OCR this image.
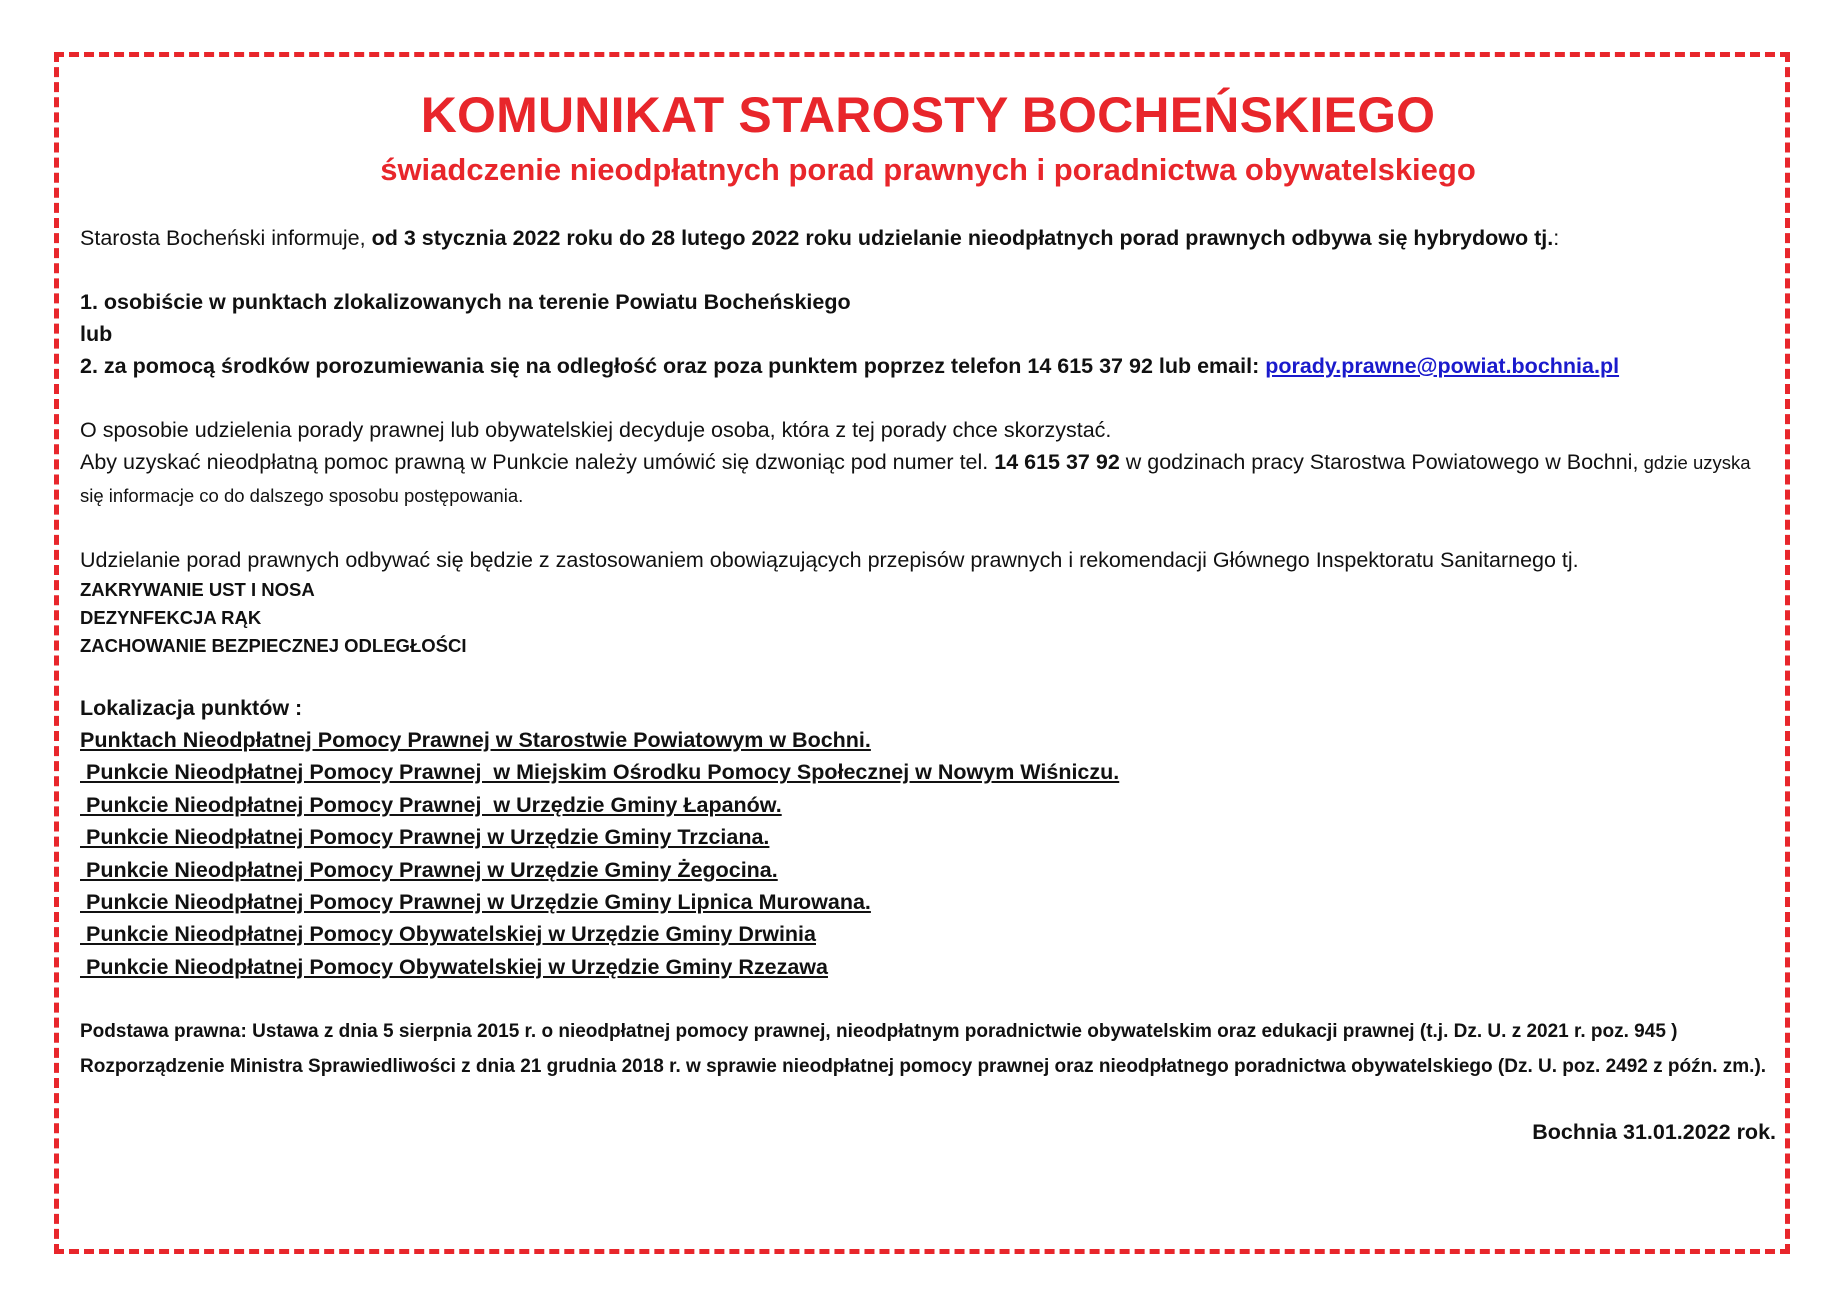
KOMUNIKAT STAROSTY BOCHEŃSKIEGO
świadczenie nieodpłatnych porad prawnych i poradnictwa obywatelskiego

Starosta Bocheński informuje, od 3 stycznia 2022 roku do 28 lutego 2022 roku udzielanie nieodpłatnych porad prawnych odbywa się hybrydowo tj.:

1. osobiście w punktach zlokalizowanych na terenie Powiatu Bocheńskiego

lub

2. za pomocą środków porozumiewania się na odległość oraz poza punktem poprzez telefon 14 615 37 92 lub email: porady.prawne@powiat.bochnia.pl

O sposobie udzielenia porady prawnej lub obywatelskiej decyduje osoba, która z tej porady chce skorzystać.

Aby uzyskać nieodpłatną pomoc prawną w Punkcie należy umówić się dzwoniąc pod numer tel. 14 615 37 92 w godzinach pracy Starostwa Powiatowego w Bochni, gdzie uzyska się informacje co do dalszego sposobu postępowania.

Udzielanie porad prawnych odbywać się będzie z zastosowaniem obowiązujących przepisów prawnych i rekomendacji Głównego Inspektoratu Sanitarnego tj.

ZAKRYWANIE UST I NOSA

DEZYNFEKCJA RĄK

ZACHOWANIE BEZPIECZNEJ ODLEGŁOŚCI

Lokalizacja punktów :

Punktach Nieodpłatnej Pomocy Prawnej w Starostwie Powiatowym w Bochni.

Punkcie Nieodpłatnej Pomocy Prawnej  w Miejskim Ośrodku Pomocy Społecznej w Nowym Wiśniczu.

Punkcie Nieodpłatnej Pomocy Prawnej  w Urzędzie Gminy Łapanów.

Punkcie Nieodpłatnej Pomocy Prawnej w Urzędzie Gminy Trzciana.

Punkcie Nieodpłatnej Pomocy Prawnej w Urzędzie Gminy Żegocina.

Punkcie Nieodpłatnej Pomocy Prawnej w Urzędzie Gminy Lipnica Murowana.

Punkcie Nieodpłatnej Pomocy Obywatelskiej w Urzędzie Gminy Drwinia

Punkcie Nieodpłatnej Pomocy Obywatelskiej w Urzędzie Gminy Rzezawa

Podstawa prawna: Ustawa z dnia 5 sierpnia 2015 r. o nieodpłatnej pomocy prawnej, nieodpłatnym poradnictwie obywatelskim oraz edukacji prawnej (t.j. Dz. U. z 2021 r. poz. 945 )

Rozporządzenie Ministra Sprawiedliwości z dnia 21 grudnia 2018 r. w sprawie nieodpłatnej pomocy prawnej oraz nieodpłatnego poradnictwa obywatelskiego (Dz. U. poz. 2492 z późn. zm.).

Bochnia 31.01.2022 rok.
